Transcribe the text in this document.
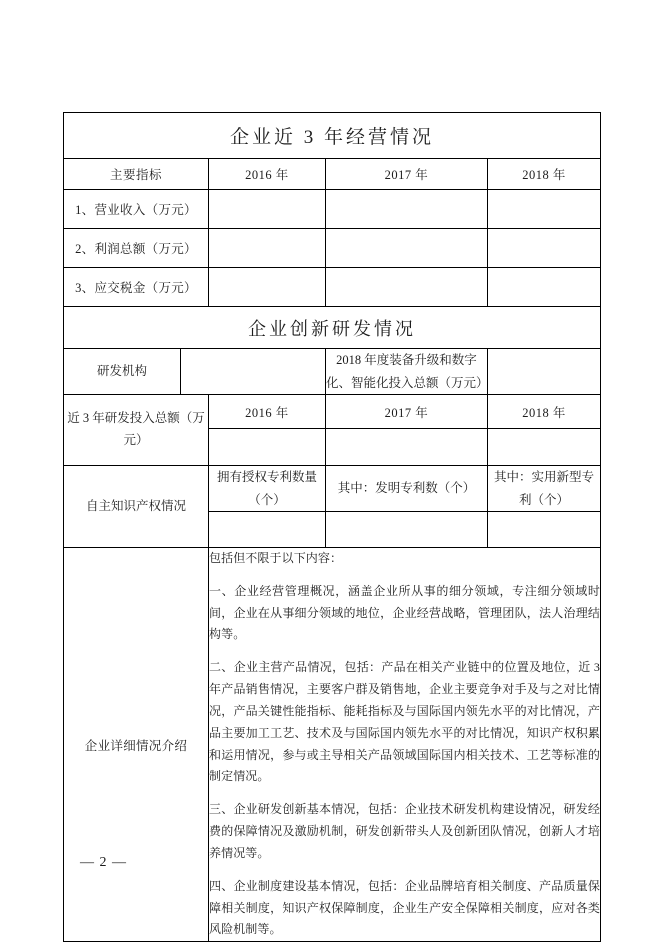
企业近 3 年经营情况				
主要指标		2016 年	2017 年	2018 年
1、营业收入（万元）				
2、利润总额（万元）				
3、应交税金（万元）				
企业创新研发情况				
研发机构			2018 年度装备升级和数字化、智能化投入总额（万元）	
近 3 年研发投入总额（万元）		2016 年	2017 年	2018 年

自主知识产权情况		拥有授权专利数量（个）	其中：发明专利数（个）	其中：实用新型专利（个）

企业详细情况介绍		包括但不限于以下内容：

一、企业经营管理概况，涵盖企业所从事的细分领域，专注细分领域时间，企业在从事细分领域的地位，企业经营战略，管理团队，法人治理结构等。

二、企业主营产品情况，包括：产品在相关产业链中的位置及地位，近 3 年产品销售情况，主要客户群及销售地，企业主要竞争对手及与之对比情况，产品关键性能指标、能耗指标及与国际国内领先水平的对比情况，产品主要加工工艺、技术及与国际国内领先水平的对比情况，知识产权积累和运用情况，参与或主导相关产品领域国际国内相关技术、工艺等标准的制定情况。

三、企业研发创新基本情况，包括：企业技术研发机构建设情况，研发经费的保障情况及激励机制，研发创新带头人及创新团队情况，创新人才培养情况等。

四、企业制度建设基本情况，包括：企业品牌培育相关制度、产品质量保障相关制度，知识产权保障制度，企业生产安全保障相关制度，应对各类风险机制等。		

— 2 —
